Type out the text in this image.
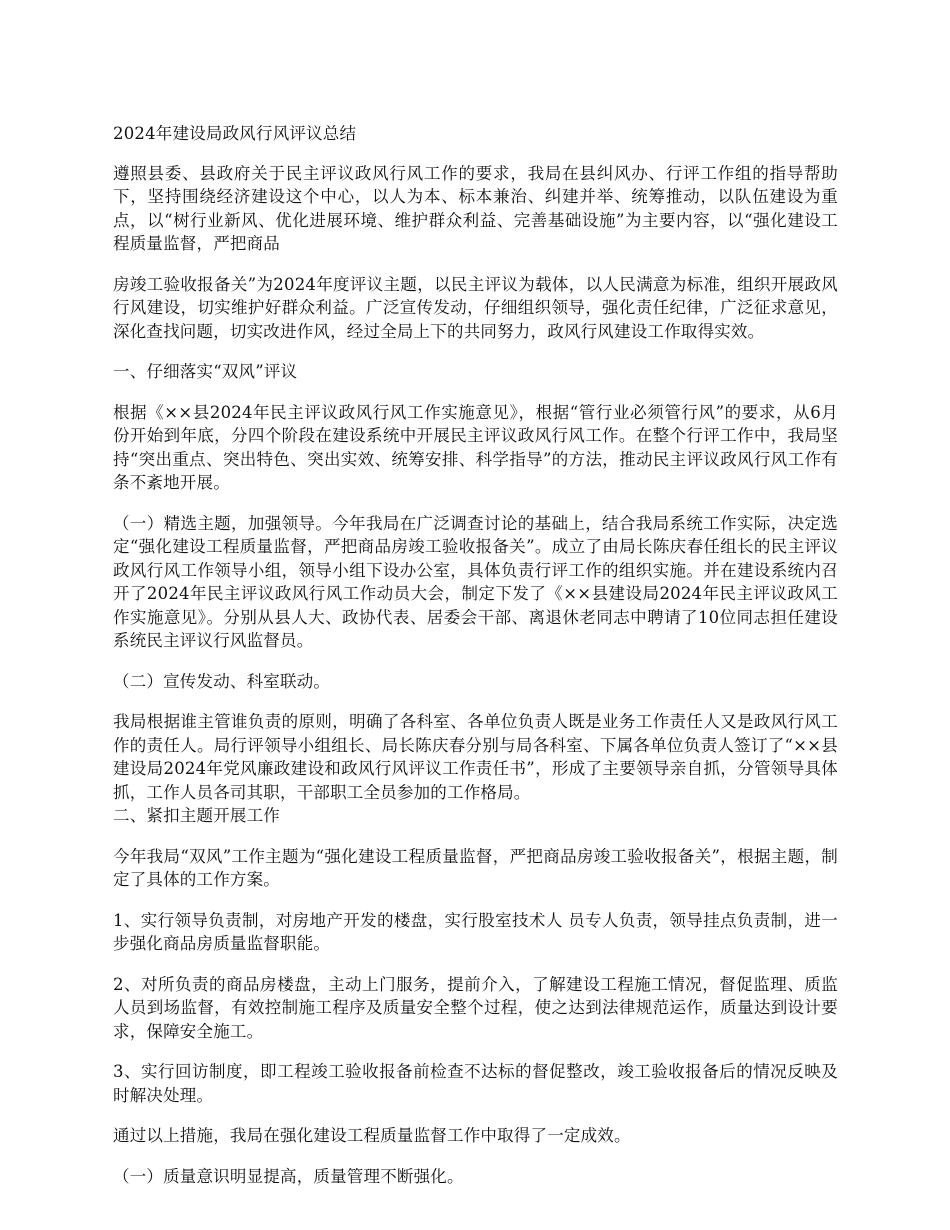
2024年建设局政风行风评议总结

遵照县委、县政府关于民主评议政风行风工作的要求，我局在县纠风办、行评工作组的指导帮助下，坚持围绕经济建设这个中心，以人为本、标本兼治、纠建并举、统筹推动，以队伍建设为重点，以“树行业新风、优化进展环境、维护群众利益、完善基础设施”为主要内容，以“强化建设工程质量监督，严把商品

房竣工验收报备关”为2024年度评议主题，以民主评议为载体，以人民满意为标准，组织开展政风行风建设，切实维护好群众利益。广泛宣传发动，仔细组织领导，强化责任纪律，广泛征求意见，深化查找问题，切实改进作风，经过全局上下的共同努力，政风行风建设工作取得实效。

一、仔细落实“双风”评议

根据《××县2024年民主评议政风行风工作实施意见》，根据“管行业必须管行风”的要求，从6月份开始到年底，分四个阶段在建设系统中开展民主评议政风行风工作。在整个行评工作中，我局坚持“突出重点、突出特色、突出实效、统筹安排、科学指导”的方法，推动民主评议政风行风工作有条不紊地开展。

（一）精选主题，加强领导。今年我局在广泛调查讨论的基础上，结合我局系统工作实际，决定选定“强化建设工程质量监督，严把商品房竣工验收报备关”。成立了由局长陈庆春任组长的民主评议政风行风工作领导小组，领导小组下设办公室，具体负责行评工作的组织实施。并在建设系统内召开了2024年民主评议政风行风工作动员大会，制定下发了《××县建设局2024年民主评议政风工作实施意见》。分别从县人大、政协代表、居委会干部、离退休老同志中聘请了10位同志担任建设系统民主评议行风监督员。

（二）宣传发动、科室联动。

我局根据谁主管谁负责的原则，明确了各科室、各单位负责人既是业务工作责任人又是政风行风工作的责任人。局行评领导小组组长、局长陈庆春分别与局各科室、下属各单位负责人签订了“××县建设局2024年党风廉政建设和政风行风评议工作责任书”，形成了主要领导亲自抓，分管领导具体抓，工作人员各司其职，干部职工全员参加的工作格局。

二、紧扣主题开展工作

今年我局“双风”工作主题为“强化建设工程质量监督，严把商品房竣工验收报备关”，根据主题，制定了具体的工作方案。

1、实行领导负责制，对房地产开发的楼盘，实行股室技术人 员专人负责，领导挂点负责制，进一步强化商品房质量监督职能。

2、对所负责的商品房楼盘，主动上门服务，提前介入，了解建设工程施工情况，督促监理、质监人员到场监督，有效控制施工程序及质量安全整个过程，使之达到法律规范运作，质量达到设计要求，保障安全施工。

3、实行回访制度，即工程竣工验收报备前检查不达标的督促整改，竣工验收报备后的情况反映及时解决处理。

通过以上措施，我局在强化建设工程质量监督工作中取得了一定成效。

（一）质量意识明显提高，质量管理不断强化。
